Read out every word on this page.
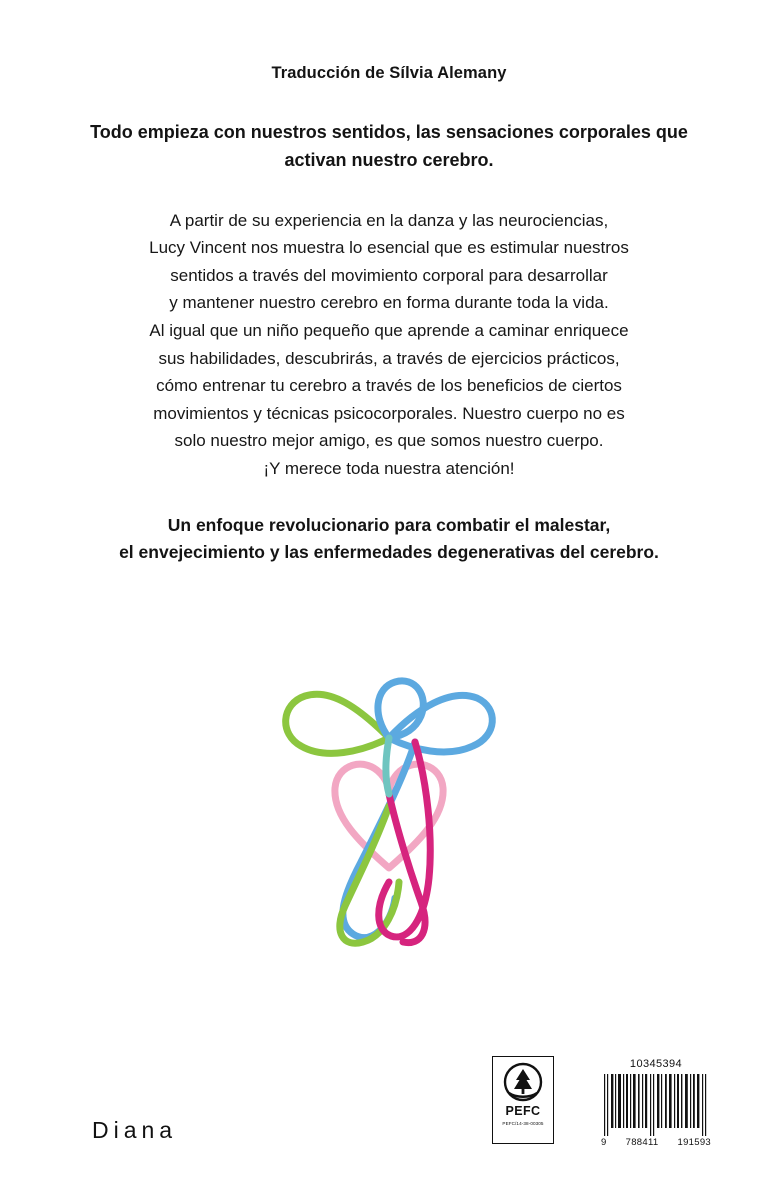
Traducción de Sílvia Alemany

Todo empieza con nuestros sentidos, las sensaciones corporales que activan nuestro cerebro.

A partir de su experiencia en la danza y las neurociencias,
Lucy Vincent nos muestra lo esencial que es estimular nuestros
sentidos a través del movimiento corporal para desarrollar
y mantener nuestro cerebro en forma durante toda la vida.
Al igual que un niño pequeño que aprende a caminar enriquece
sus habilidades, descubrirás, a través de ejercicios prácticos,
cómo entrenar tu cerebro a través de los beneficios de ciertos
movimientos y técnicas psicocorporales. Nuestro cuerpo no es
solo nuestro mejor amigo, es que somos nuestro cuerpo.
¡Y merece toda nuestra atención!
Un enfoque revolucionario para combatir el malestar,
el envejecimiento y las enfermedades degenerativas del cerebro.
Diana
PEFC
PEFC/14-38-00305
10345394
9 788411 191593
